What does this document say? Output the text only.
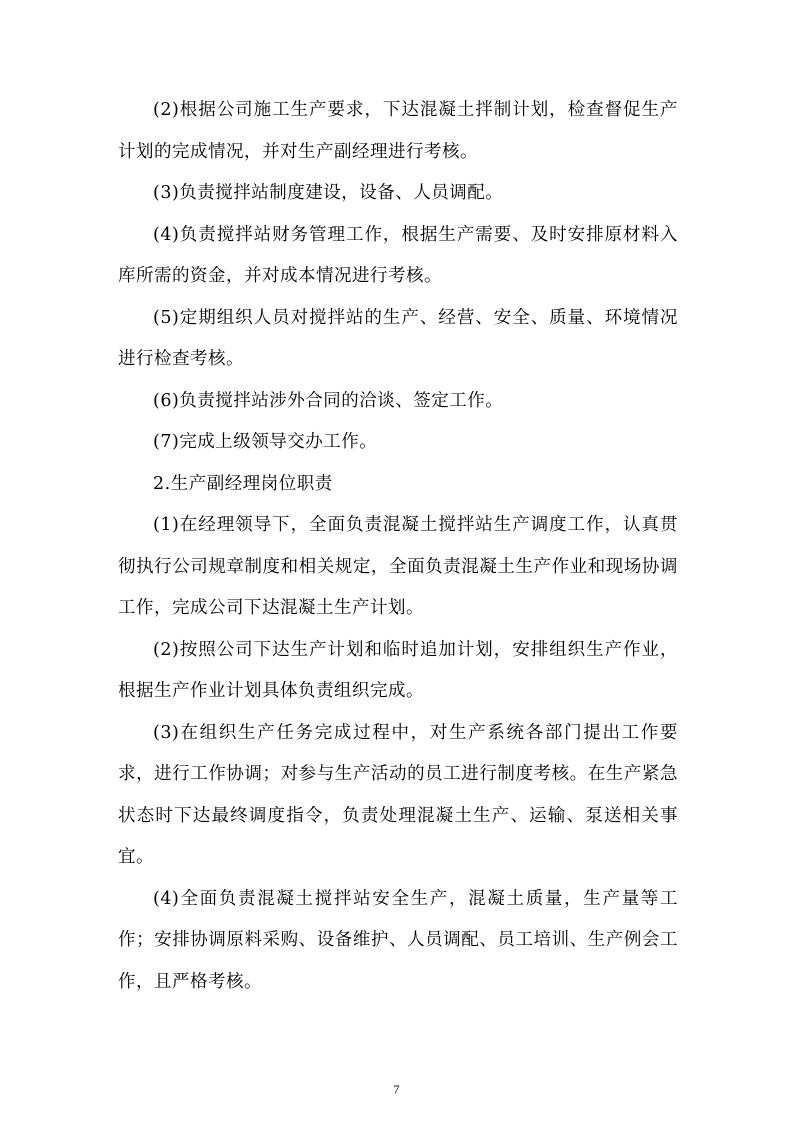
(2)根据公司施工生产要求，下达混凝土拌制计划，检查督促生产计划的完成情况，并对生产副经理进行考核。

(3)负责搅拌站制度建设，设备、人员调配。

(4)负责搅拌站财务管理工作，根据生产需要、及时安排原材料入库所需的资金，并对成本情况进行考核。

(5)定期组织人员对搅拌站的生产、经营、安全、质量、环境情况进行检查考核。

(6)负责搅拌站涉外合同的洽谈、签定工作。

(7)完成上级领导交办工作。

2.生产副经理岗位职责

(1)在经理领导下，全面负责混凝土搅拌站生产调度工作，认真贯彻执行公司规章制度和相关规定，全面负责混凝土生产作业和现场协调工作，完成公司下达混凝土生产计划。

(2)按照公司下达生产计划和临时追加计划，安排组织生产作业，根据生产作业计划具体负责组织完成。

(3)在组织生产任务完成过程中，对生产系统各部门提出工作要求，进行工作协调；对参与生产活动的员工进行制度考核。在生产紧急状态时下达最终调度指令，负责处理混凝土生产、运输、泵送相关事宜。

(4)全面负责混凝土搅拌站安全生产，混凝土质量，生产量等工作；安排协调原料采购、设备维护、人员调配、员工培训、生产例会工作，且严格考核。

7
